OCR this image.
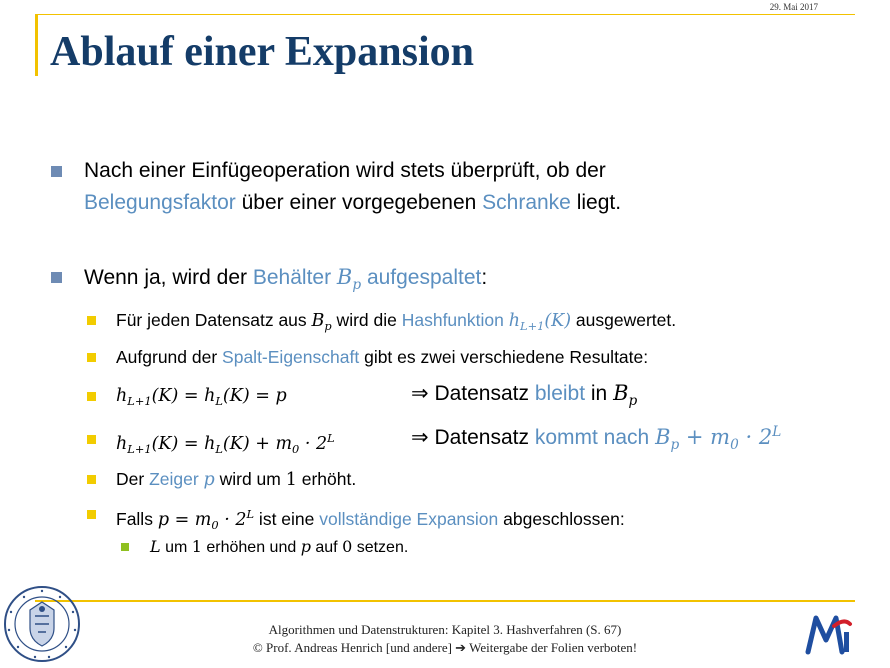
29. Mai 2017
Ablauf einer Expansion
Nach einer Einfügeoperation wird stets überprüft, ob der
Belegungsfaktor über einer vorgegebenen Schranke liegt.
Wenn ja, wird der Behälter $B_p$ aufgespaltet:
Für jeden Datensatz aus $B_p$ wird die Hashfunktion $h_{L+1}(K)$ ausgewertet.
Aufgrund der Spalt-Eigenschaft gibt es zwei verschiedene Resultate:
$h_{L+1}(K) = h_L(K) = p$	⇒ Datensatz bleibt in $B_p$
$h_{L+1}(K) = h_L(K) + m_0 \cdot 2^L$	⇒ Datensatz kommt nach $B_p + m_0 \cdot 2^L$
Der Zeiger p wird um 1 erhöht.
Falls $p = m_0 \cdot 2^L$ ist eine vollständige Expansion abgeschlossen:
L um 1 erhöhen und p auf 0 setzen.
Algorithmen und Datenstrukturen: Kapitel 3. Hashverfahren (S. 67)
© Prof. Andreas Henrich [und andere] ➔ Weitergabe der Folien verboten!
